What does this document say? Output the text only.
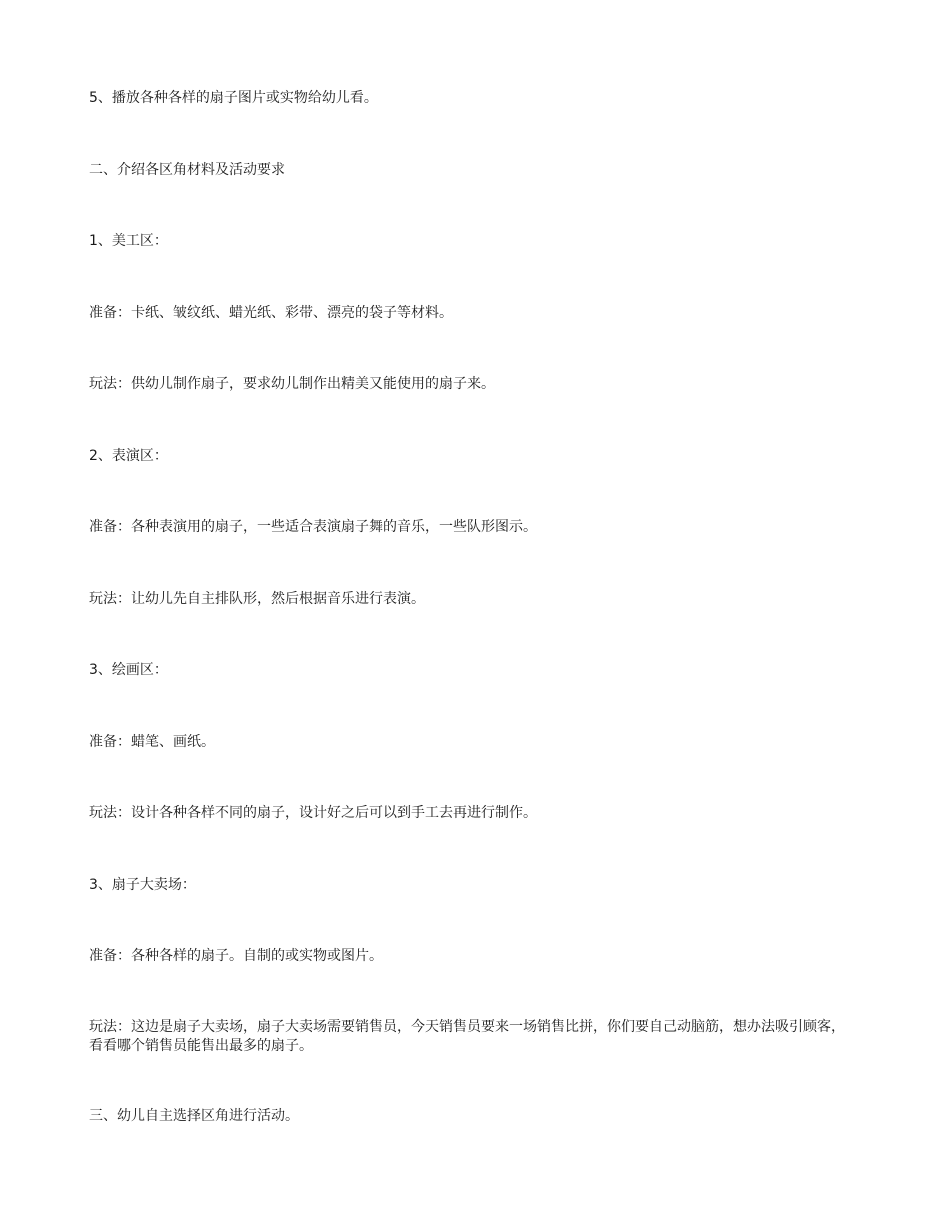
5、播放各种各样的扇子图片或实物给幼儿看。

二、介绍各区角材料及活动要求

1、美工区：

准备：卡纸、皱纹纸、蜡光纸、彩带、漂亮的袋子等材料。

玩法：供幼儿制作扇子，要求幼儿制作出精美又能使用的扇子来。

2、表演区：

准备：各种表演用的扇子，一些适合表演扇子舞的音乐，一些队形图示。

玩法：让幼儿先自主排队形，然后根据音乐进行表演。

3、绘画区：

准备：蜡笔、画纸。

玩法：设计各种各样不同的扇子，设计好之后可以到手工去再进行制作。

3、扇子大卖场：

准备：各种各样的扇子。自制的或实物或图片。

玩法：这边是扇子大卖场，扇子大卖场需要销售员，今天销售员要来一场销售比拼，你们要自己动脑筋，想办法吸引顾客，看看哪个销售员能售出最多的扇子。

三、幼儿自主选择区角进行活动。
